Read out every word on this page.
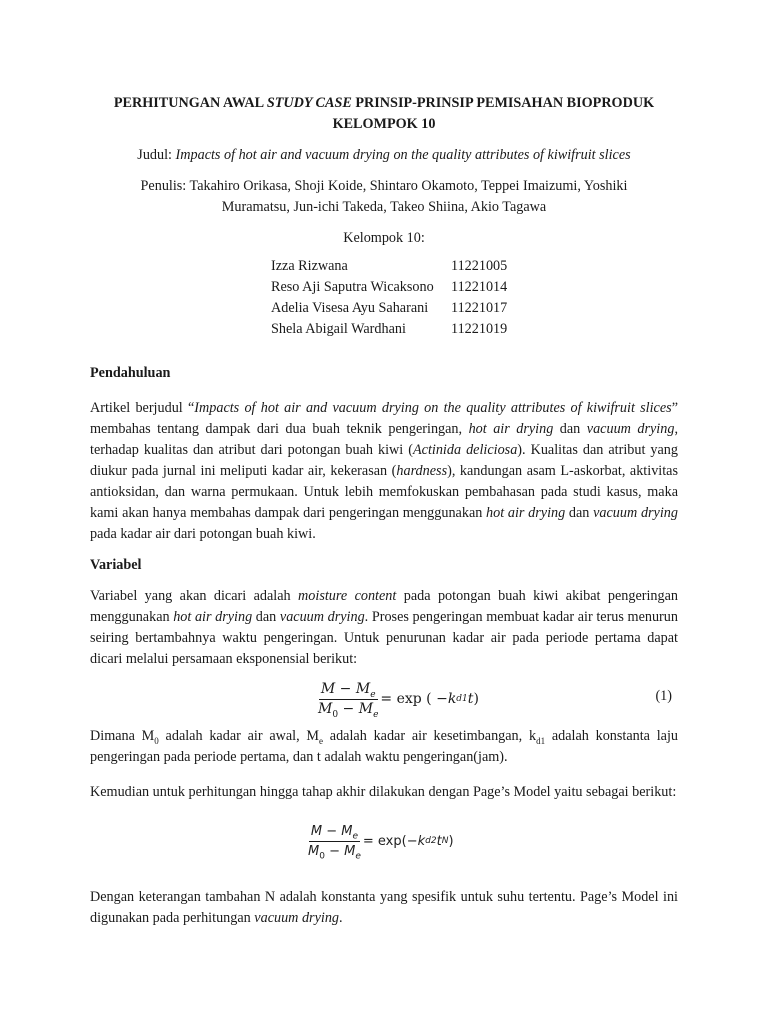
PERHITUNGAN AWAL STUDY CASE PRINSIP-PRINSIP PEMISAHAN BIOPRODUK
KELOMPOK 10
Judul: Impacts of hot air and vacuum drying on the quality attributes of kiwifruit slices
Penulis: Takahiro Orikasa, Shoji Koide, Shintaro Okamoto, Teppei Imaizumi, Yoshiki
Muramatsu, Jun-ichi Takeda, Takeo Shiina, Akio Tagawa
Kelompok 10:
Izza Rizwana	11221005
Reso Aji Saputra Wicaksono	11221014
Adelia Visesa Ayu Saharani	11221017
Shela Abigail Wardhani	11221019
Pendahuluan

Artikel berjudul “Impacts of hot air and vacuum drying on the quality attributes of kiwifruit slices” membahas tentang dampak dari dua buah teknik pengeringan, hot air drying dan vacuum drying, terhadap kualitas dan atribut dari potongan buah kiwi (Actinida deliciosa). Kualitas dan atribut yang diukur pada jurnal ini meliputi kadar air, kekerasan (hardness), kandungan asam L-askorbat, aktivitas antioksidan, dan warna permukaan. Untuk lebih memfokuskan pembahasan pada studi kasus, maka kami akan hanya membahas dampak dari pengeringan menggunakan hot air drying dan vacuum drying pada kadar air dari potongan buah kiwi.

Variabel

Variabel yang akan dicari adalah moisture content pada potongan buah kiwi akibat pengeringan menggunakan hot air drying dan vacuum drying. Proses pengeringan membuat kadar air terus menurun seiring bertambahnya waktu pengeringan. Untuk penurunan kadar air pada periode pertama dapat dicari melalui persamaan eksponensial berikut:

$\frac{M - M_e}{M_0 - M_e} = \exp$ ( − k d1 t )	(1)

Dimana $M_0$ adalah kadar air awal, $M_e$ adalah kadar air kesetimbangan, $k_{d1}$ adalah konstanta laju pengeringan pada periode pertama, dan t adalah waktu pengeringan(jam).

Kemudian untuk perhitungan hingga tahap akhir dilakukan dengan Page’s Model yaitu sebagai berikut:

$\frac{M - M_e}{M_0 - M_e} = \exp(- k$ d2 t N )

Dengan keterangan tambahan N adalah konstanta yang spesifik untuk suhu tertentu. Page’s Model ini digunakan pada perhitungan vacuum drying.
